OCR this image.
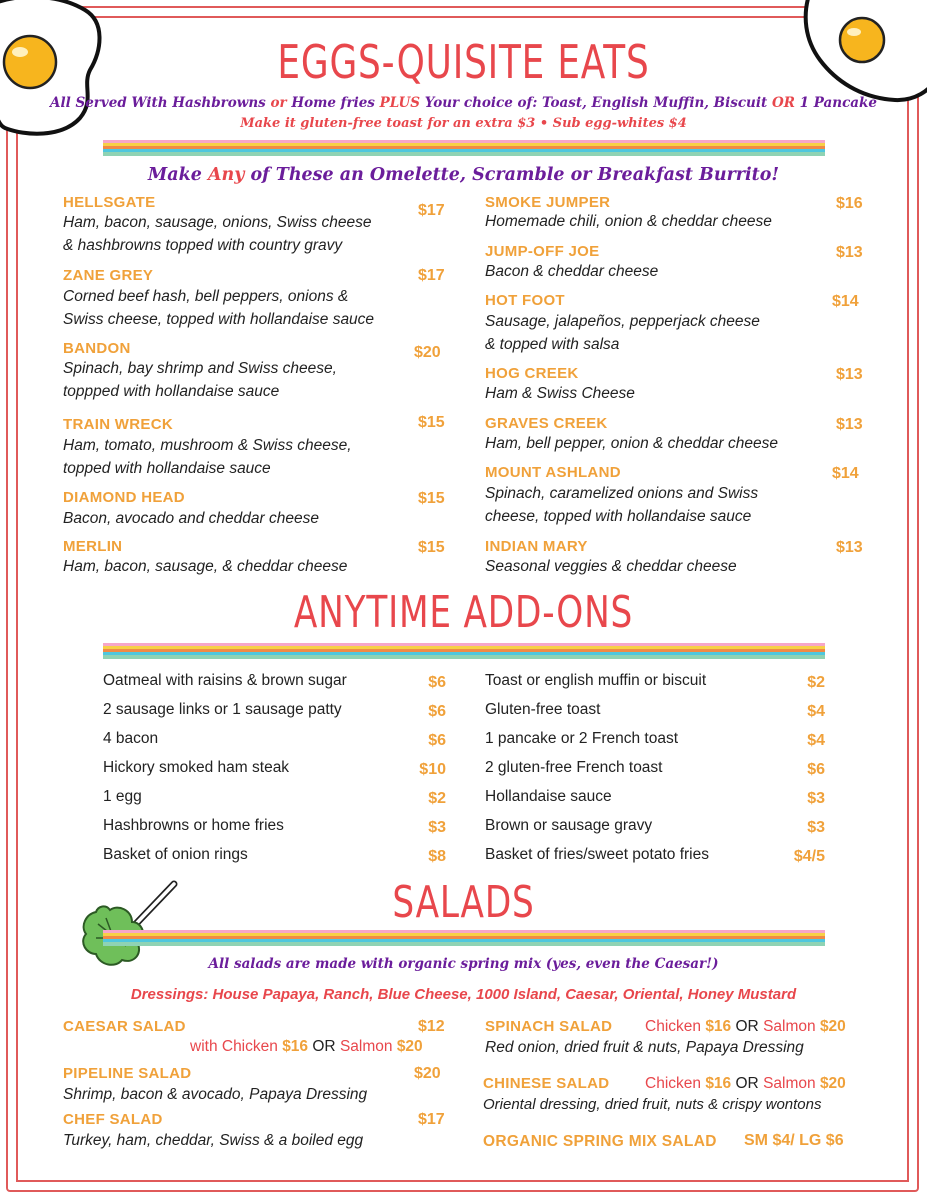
EGGS-QUISITE EATS
All Served With Hashbrowns or Home fries PLUS Your choice of: Toast, English Muffin, Biscuit OR 1 Pancake
Make it gluten-free toast for an extra $3 • Sub egg-whites $4
Make Any of These an Omelette, Scramble or Breakfast Burrito!
HELLSGATE	$17
Ham, bacon, sausage, onions, Swiss cheese
& hashbrowns topped with country gravy
ZANE GREY	$17
Corned beef hash, bell peppers, onions &
Swiss cheese, topped with hollandaise sauce
BANDON	$20
Spinach, bay shrimp and Swiss cheese,
toppped with hollandaise sauce
TRAIN WRECK	$15
Ham, tomato, mushroom & Swiss cheese,
topped with hollandaise sauce
DIAMOND HEAD	$15
Bacon, avocado and cheddar cheese
MERLIN	$15
Ham, bacon, sausage, & cheddar cheese
SMOKE JUMPER	$16
Homemade chili, onion & cheddar cheese
JUMP-OFF JOE	$13
Bacon & cheddar cheese
HOT FOOT	$14
Sausage, jalapeños, pepperjack cheese
& topped with salsa
HOG CREEK	$13
Ham & Swiss Cheese
GRAVES CREEK	$13
Ham, bell pepper, onion & cheddar cheese
MOUNT ASHLAND	$14
Spinach, caramelized onions and Swiss
cheese, topped with hollandaise sauce
INDIAN MARY	$13
Seasonal veggies & cheddar cheese
ANYTIME ADD-ONS
Oatmeal with raisins & brown sugar	$6
2 sausage links or 1 sausage patty	$6
4 bacon	$6
Hickory smoked ham steak	$10
1 egg	$2
Hashbrowns or home fries	$3
Basket of onion rings	$8
Toast or english muffin or biscuit	$2
Gluten-free toast	$4
1 pancake or 2 French toast	$4
2 gluten-free French toast	$6
Hollandaise sauce	$3
Brown or sausage gravy	$3
Basket of fries/sweet potato fries	$4/5
SALADS
All salads are made with organic spring mix (yes, even the Caesar!)
Dressings: House Papaya, Ranch, Blue Cheese, 1000 Island, Caesar, Oriental, Honey Mustard
CAESAR SALAD	$12
with Chicken $16 OR Salmon $20
PIPELINE SALAD	$20
Shrimp, bacon & avocado, Papaya Dressing
CHEF SALAD	$17
Turkey, ham, cheddar, Swiss & a boiled egg
SPINACH SALAD Chicken $16 OR Salmon $20
Red onion, dried fruit & nuts, Papaya Dressing
CHINESE SALAD Chicken $16 OR Salmon $20
Oriental dressing, dried fruit, nuts & crispy wontons
ORGANIC SPRING MIX SALAD SM $4/ LG $6
